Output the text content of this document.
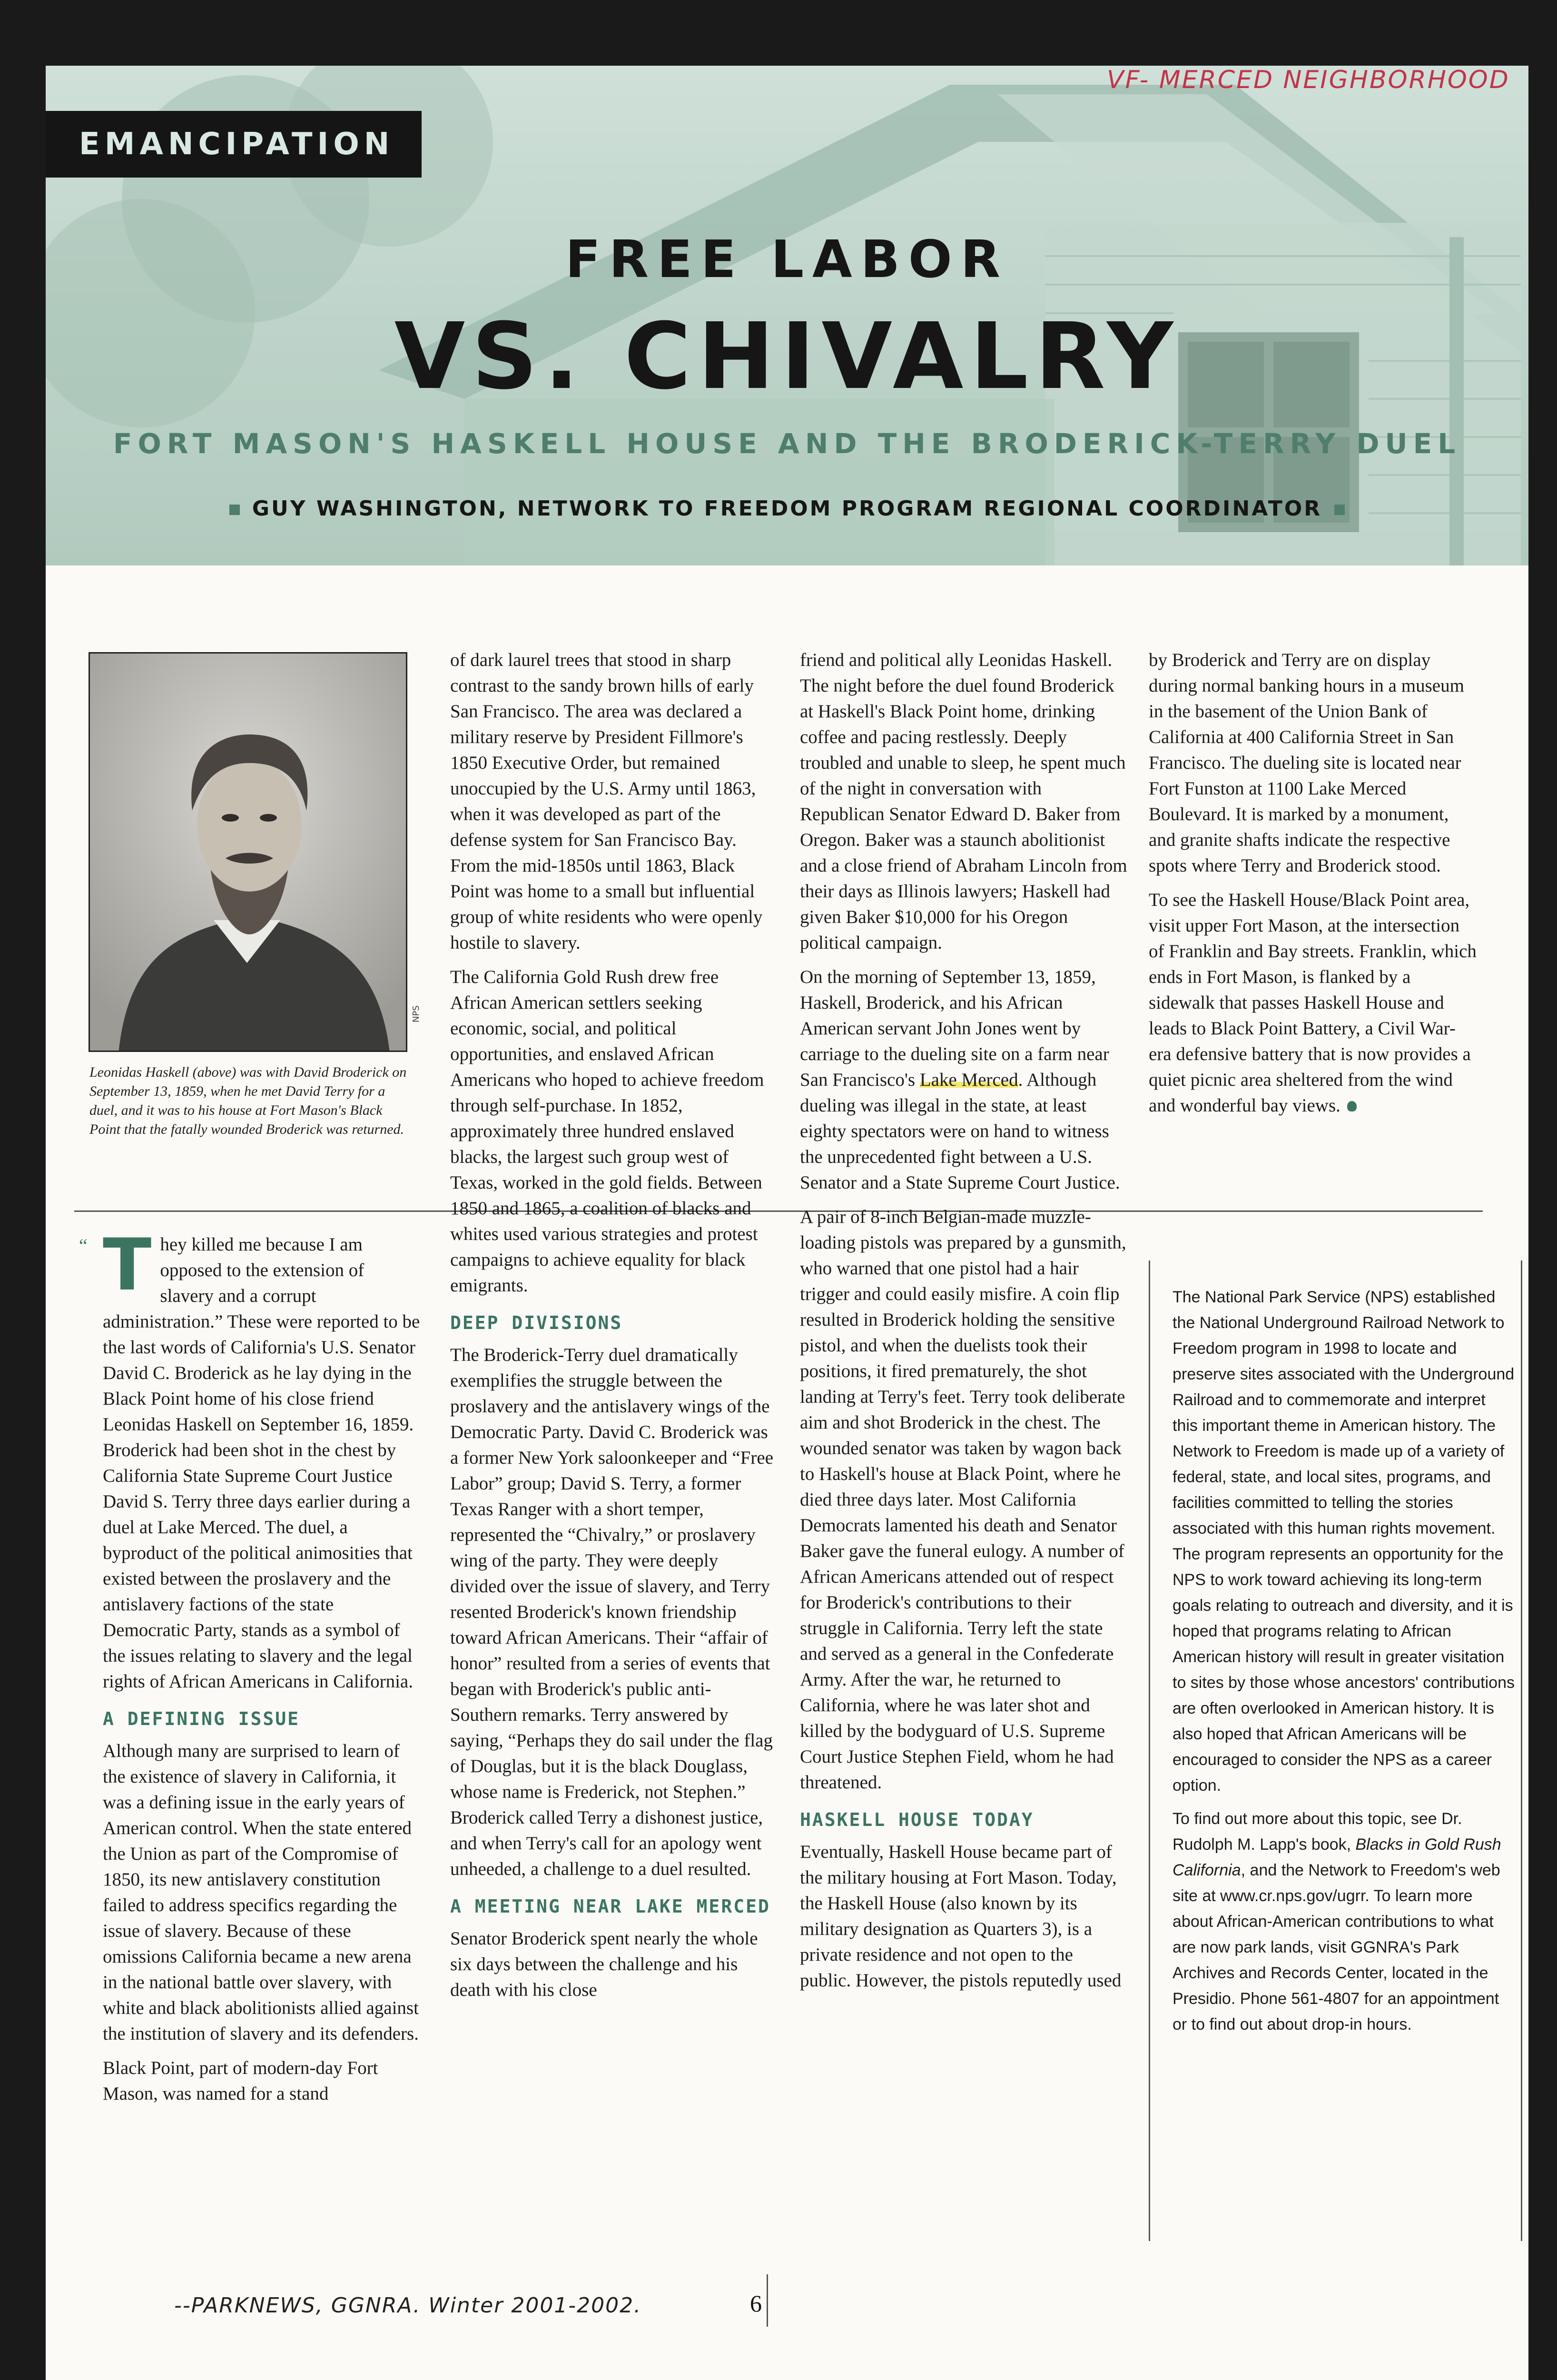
EMANCIPATION
VF- MERCED NEIGHBORHOOD
FREE LABOR
VS. CHIVALRY
FORT MASON'S HASKELL HOUSE AND THE BRODERICK-TERRY DUEL
GUY WASHINGTON, NETWORK TO FREEDOM PROGRAM REGIONAL COORDINATOR
NPS
Leonidas Haskell (above) was with David Broderick on September 13, 1859, when he met David Terry for a duel, and it was to his house at Fort Mason's Black Point that the fatally wounded Broderick was returned.
“ They killed me because I am opposed to the extension of slavery and a corrupt administration.” These were reported to be the last words of California's U.S. Senator David C. Broderick as he lay dying in the Black Point home of his close friend Leonidas Haskell on September 16, 1859. Broderick had been shot in the chest by California State Supreme Court Justice David S. Terry three days earlier during a duel at Lake Merced. The duel, a byproduct of the political animosities that existed between the proslavery and the antislavery factions of the state Democratic Party, stands as a symbol of the issues relating to slavery and the legal rights of African Americans in California.

A DEFINING ISSUE

Although many are surprised to learn of the existence of slavery in California, it was a defining issue in the early years of American control. When the state entered the Union as part of the Compromise of 1850, its new antislavery constitution failed to address specifics regarding the issue of slavery. Because of these omissions California became a new arena in the national battle over slavery, with white and black abolitionists allied against the institution of slavery and its defenders.

Black Point, part of modern-day Fort Mason, was named for a stand

of dark laurel trees that stood in sharp contrast to the sandy brown hills of early San Francisco. The area was declared a military reserve by President Fillmore's 1850 Executive Order, but remained unoccupied by the U.S. Army until 1863, when it was developed as part of the defense system for San Francisco Bay. From the mid-1850s until 1863, Black Point was home to a small but influential group of white residents who were openly hostile to slavery.

The California Gold Rush drew free African American settlers seeking economic, social, and political opportunities, and enslaved African Americans who hoped to achieve freedom through self-purchase. In 1852, approximately three hundred enslaved blacks, the largest such group west of Texas, worked in the gold fields. Between 1850 and 1865, a coalition of blacks and whites used various strategies and protest campaigns to achieve equality for black emigrants.

DEEP DIVISIONS

The Broderick-Terry duel dramatically exemplifies the struggle between the proslavery and the antislavery wings of the Democratic Party. David C. Broderick was a former New York saloonkeeper and “Free Labor” group; David S. Terry, a former Texas Ranger with a short temper, represented the “Chivalry,” or proslavery wing of the party. They were deeply divided over the issue of slavery, and Terry resented Broderick's known friendship toward African Americans. Their “affair of honor” resulted from a series of events that began with Broderick's public anti-Southern remarks. Terry answered by saying, “Perhaps they do sail under the flag of Douglas, but it is the black Douglass, whose name is Frederick, not Stephen.” Broderick called Terry a dishonest justice, and when Terry's call for an apology went unheeded, a challenge to a duel resulted.

A MEETING NEAR LAKE MERCED

Senator Broderick spent nearly the whole six days between the challenge and his death with his close

friend and political ally Leonidas Haskell. The night before the duel found Broderick at Haskell's Black Point home, drinking coffee and pacing restlessly. Deeply troubled and unable to sleep, he spent much of the night in conversation with Republican Senator Edward D. Baker from Oregon. Baker was a staunch abolitionist and a close friend of Abraham Lincoln from their days as Illinois lawyers; Haskell had given Baker $10,000 for his Oregon political campaign.

On the morning of September 13, 1859, Haskell, Broderick, and his African American servant John Jones went by carriage to the dueling site on a farm near San Francisco's Lake Merced. Although dueling was illegal in the state, at least eighty spectators were on hand to witness the unprecedented fight between a U.S. Senator and a State Supreme Court Justice.

A pair of 8-inch Belgian-made muzzle-loading pistols was prepared by a gunsmith, who warned that one pistol had a hair trigger and could easily misfire. A coin flip resulted in Broderick holding the sensitive pistol, and when the duelists took their positions, it fired prematurely, the shot landing at Terry's feet. Terry took deliberate aim and shot Broderick in the chest. The wounded senator was taken by wagon back to Haskell's house at Black Point, where he died three days later. Most California Democrats lamented his death and Senator Baker gave the funeral eulogy. A number of African Americans attended out of respect for Broderick's contributions to their struggle in California. Terry left the state and served as a general in the Confederate Army. After the war, he returned to California, where he was later shot and killed by the bodyguard of U.S. Supreme Court Justice Stephen Field, whom he had threatened.

HASKELL HOUSE TODAY

Eventually, Haskell House became part of the military housing at Fort Mason. Today, the Haskell House (also known by its military designation as Quarters 3), is a private residence and not open to the public. However, the pistols reputedly used

by Broderick and Terry are on display during normal banking hours in a museum in the basement of the Union Bank of California at 400 California Street in San Francisco. The dueling site is located near Fort Funston at 1100 Lake Merced Boulevard. It is marked by a monument, and granite shafts indicate the respective spots where Terry and Broderick stood.

To see the Haskell House/Black Point area, visit upper Fort Mason, at the intersection of Franklin and Bay streets. Franklin, which ends in Fort Mason, is flanked by a sidewalk that passes Haskell House and leads to Black Point Battery, a Civil War-era defensive battery that is now provides a quiet picnic area sheltered from the wind and wonderful bay views.

The National Park Service (NPS) established the National Underground Railroad Network to Freedom program in 1998 to locate and preserve sites associated with the Underground Railroad and to commemorate and interpret this important theme in American history. The Network to Freedom is made up of a variety of federal, state, and local sites, programs, and facilities committed to telling the stories associated with this human rights movement. The program represents an opportunity for the NPS to work toward achieving its long-term goals relating to outreach and diversity, and it is hoped that programs relating to African American history will result in greater visitation to sites by those whose ancestors' contributions are often overlooked in American history. It is also hoped that African Americans will be encouraged to consider the NPS as a career option.

To find out more about this topic, see Dr. Rudolph M. Lapp's book, Blacks in Gold Rush California, and the Network to Freedom's web site at www.cr.nps.gov/ugrr. To learn more about African-American contributions to what are now park lands, visit GGNRA's Park Archives and Records Center, located in the Presidio. Phone 561-4807 for an appointment or to find out about drop-in hours.

--PARKNEWS, GGNRA. Winter 2001-2002.	6
